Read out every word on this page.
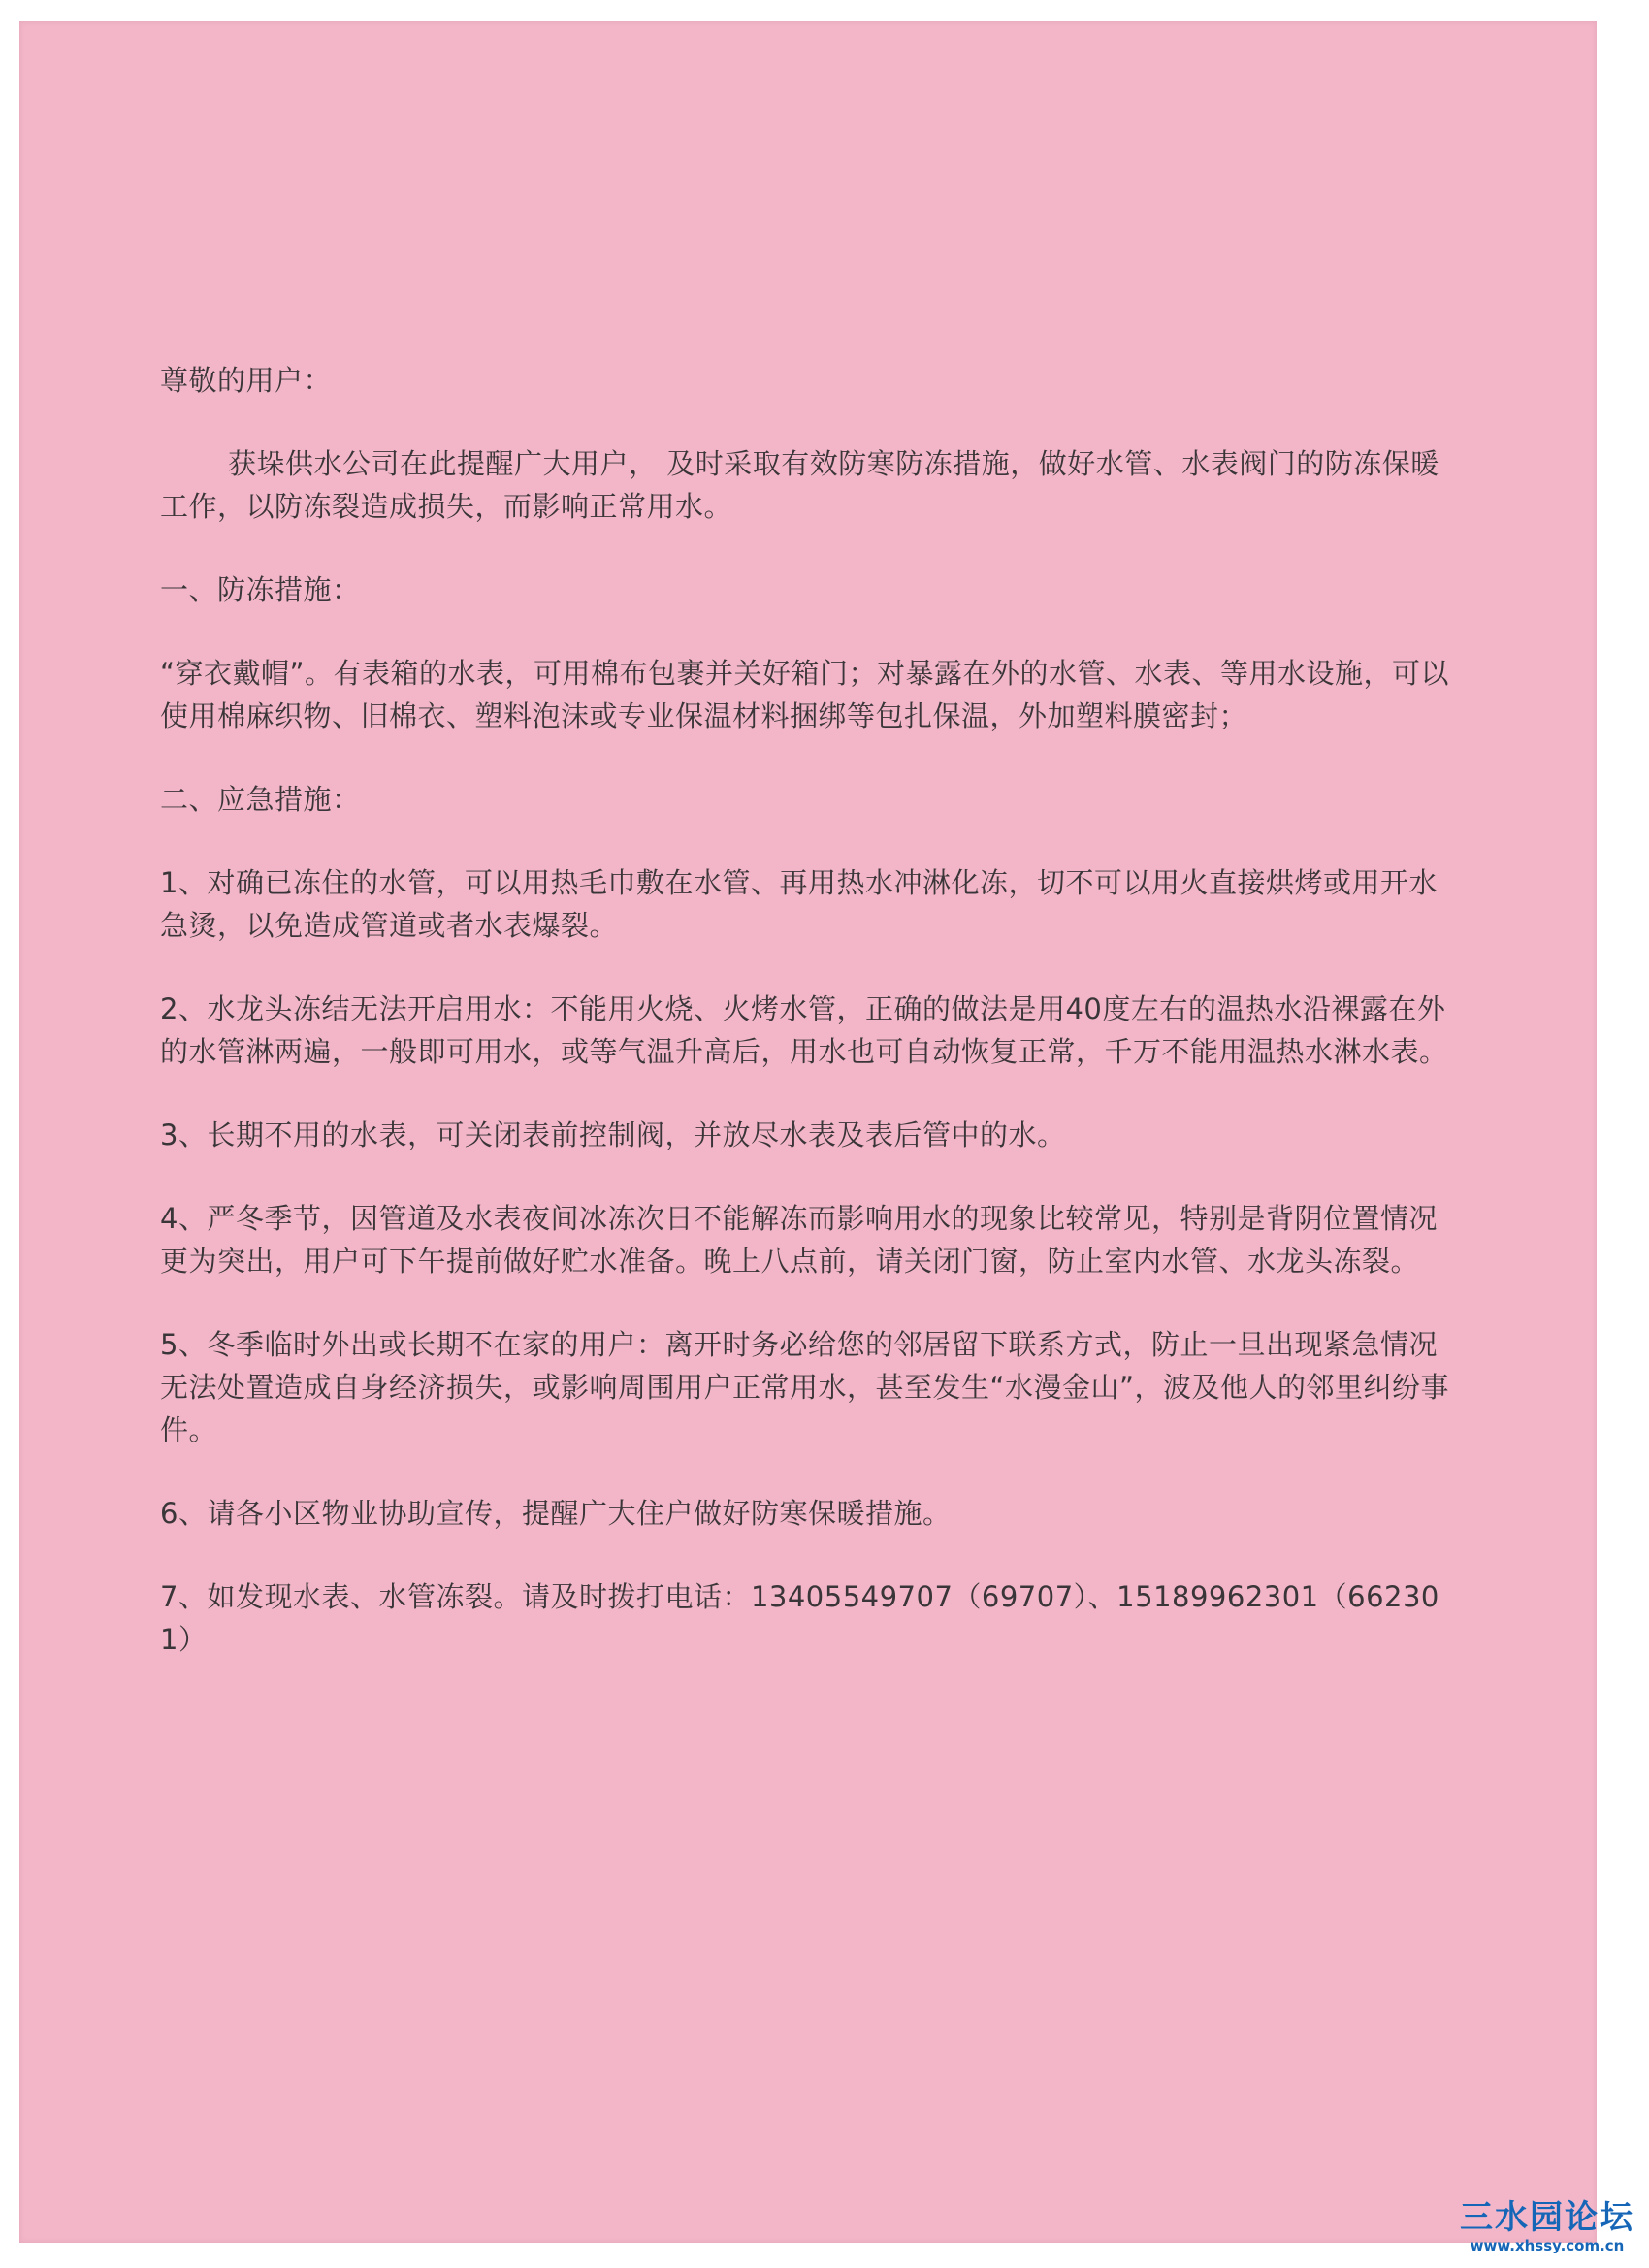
尊敬的用户：

获垛供水公司在此提醒广大用户， 及时采取有效防寒防冻措施，做好水管、水表阀门的防冻保暖工作，以防冻裂造成损失，而影响正常用水。

一、防冻措施：

“穿衣戴帽”。有表箱的水表，可用棉布包裹并关好箱门；对暴露在外的水管、水表、等用水设施，可以使用棉麻织物、旧棉衣、塑料泡沫或专业保温材料捆绑等包扎保温，外加塑料膜密封；

二、应急措施：

1、对确已冻住的水管，可以用热毛巾敷在水管、再用热水冲淋化冻，切不可以用火直接烘烤或用开水急烫，以免造成管道或者水表爆裂。

2、水龙头冻结无法开启用水：不能用火烧、火烤水管，正确的做法是用40度左右的温热水沿裸露在外的水管淋两遍，一般即可用水，或等气温升高后，用水也可自动恢复正常，千万不能用温热水淋水表。

3、长期不用的水表，可关闭表前控制阀，并放尽水表及表后管中的水。

4、严冬季节，因管道及水表夜间冰冻次日不能解冻而影响用水的现象比较常见，特别是背阴位置情况更为突出，用户可下午提前做好贮水准备。晚上八点前，请关闭门窗，防止室内水管、水龙头冻裂。

5、冬季临时外出或长期不在家的用户：离开时务必给您的邻居留下联系方式，防止一旦出现紧急情况无法处置造成自身经济损失，或影响周围用户正常用水，甚至发生“水漫金山”，波及他人的邻里纠纷事件。

6、请各小区物业协助宣传，提醒广大住户做好防寒保暖措施。

7、如发现水表、水管冻裂。请及时拨打电话：13405549707（69707）、15189962301（662301）

三水园论坛
www.xhssy.com.cn
